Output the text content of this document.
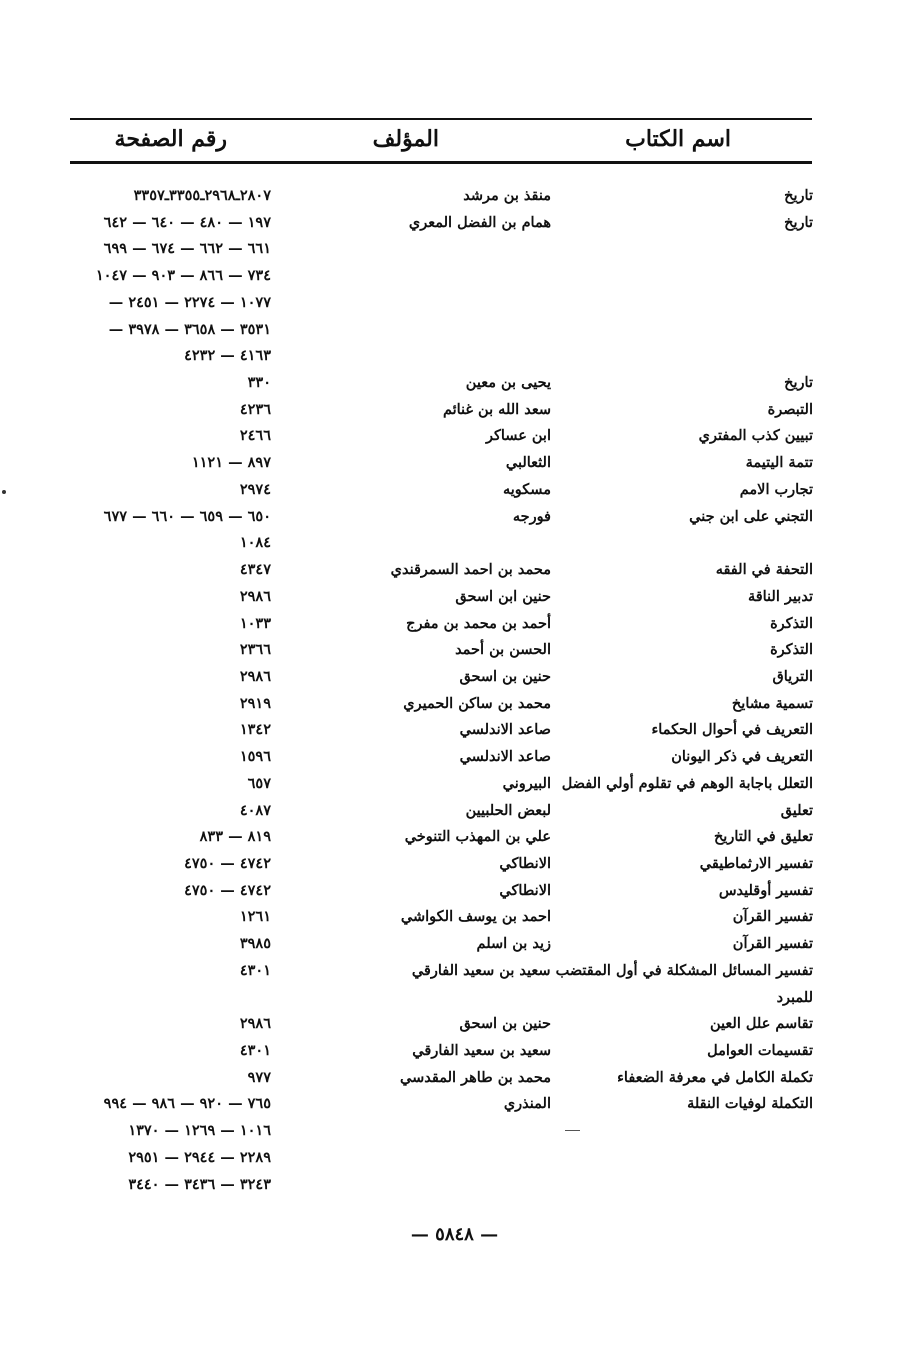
اسم الكتاب
المؤلف
رقم الصفحة
تاريخ
منقذ بن مرشد
٢٨٠٧ـ٢٩٦٨ـ٣٣٥٥ـ٣٣٥٧
تاريخ
همام بن الفضل المعري
١٩٧ — ٤٨٠ — ٦٤٠ — ٦٤٢
٦٦١ — ٦٦٢ — ٦٧٤ — ٦٩٩
٧٣٤ — ٨٦٦ — ٩٠٣ — ١٠٤٧
١٠٧٧ — ٢٢٧٤ — ٢٤٥١ —
٣٥٣١ — ٣٦٥٨ — ٣٩٧٨ —
٤١٦٣ — ٤٢٣٢
تاريخ
يحيى بن معين
٣٣٠
التبصرة
سعد الله بن غنائم
٤٢٣٦
تبيين كذب المفتري
ابن عساكر
٢٤٦٦
تتمة اليتيمة
الثعالبي
٨٩٧ — ١١٢١
تجارب الامم
مسكويه
٢٩٧٤
التجني على ابن جني
فورجه
٦٥٠ — ٦٥٩ — ٦٦٠ — ٦٧٧
١٠٨٤
التحفة في الفقه
محمد بن احمد السمرقندي
٤٣٤٧
تدبير الناقة
حنين ابن اسحق
٢٩٨٦
التذكرة
أحمد بن محمد بن مفرج
١٠٣٣
التذكرة
الحسن بن أحمد
٢٣٦٦
الترياق
حنين بن اسحق
٢٩٨٦
تسمية مشايخ
محمد بن ساكن الحميري
٢٩١٩
التعريف في أحوال الحكماء
صاعد الاندلسي
١٣٤٢
التعريف في ذكر اليونان
صاعد الاندلسي
١٥٩٦
التعلل باجابة الوهم في تقلوم أولي الفضل
البيروني
٦٥٧
تعليق
لبعض الحلبيين
٤٠٨٧
تعليق في التاريخ
علي بن المهذب التنوخي
٨١٩ — ٨٣٣
تفسير الارثماطيقي
الانطاكي
٤٧٤٢ — ٤٧٥٠
تفسير أوقليدس
الانطاكي
٤٧٤٢ — ٤٧٥٠
تفسير القرآن
احمد بن يوسف الكواشي
١٢٦١
تفسير القرآن
زيد بن اسلم
٣٩٨٥
تفسير المسائل المشكلة في أول المقتضب سعيد بن سعيد الفارقي
٤٣٠١
للمبرد
تقاسم علل العين
حنين بن اسحق
٢٩٨٦
تقسيمات العوامل
سعيد بن سعيد الفارقي
٤٣٠١
تكملة الكامل في معرفة الضعفاء
محمد بن طاهر المقدسي
٩٧٧
التكملة لوفيات النقلة
المنذري
٧٦٥ — ٩٢٠ — ٩٨٦ — ٩٩٤
١٠١٦ — ١٢٦٩ — ١٣٧٠
٢٢٨٩ — ٢٩٤٤ — ٢٩٥١
٣٢٤٣ — ٣٤٣٦ — ٣٤٤٠
— ٥٨٤٨ —
